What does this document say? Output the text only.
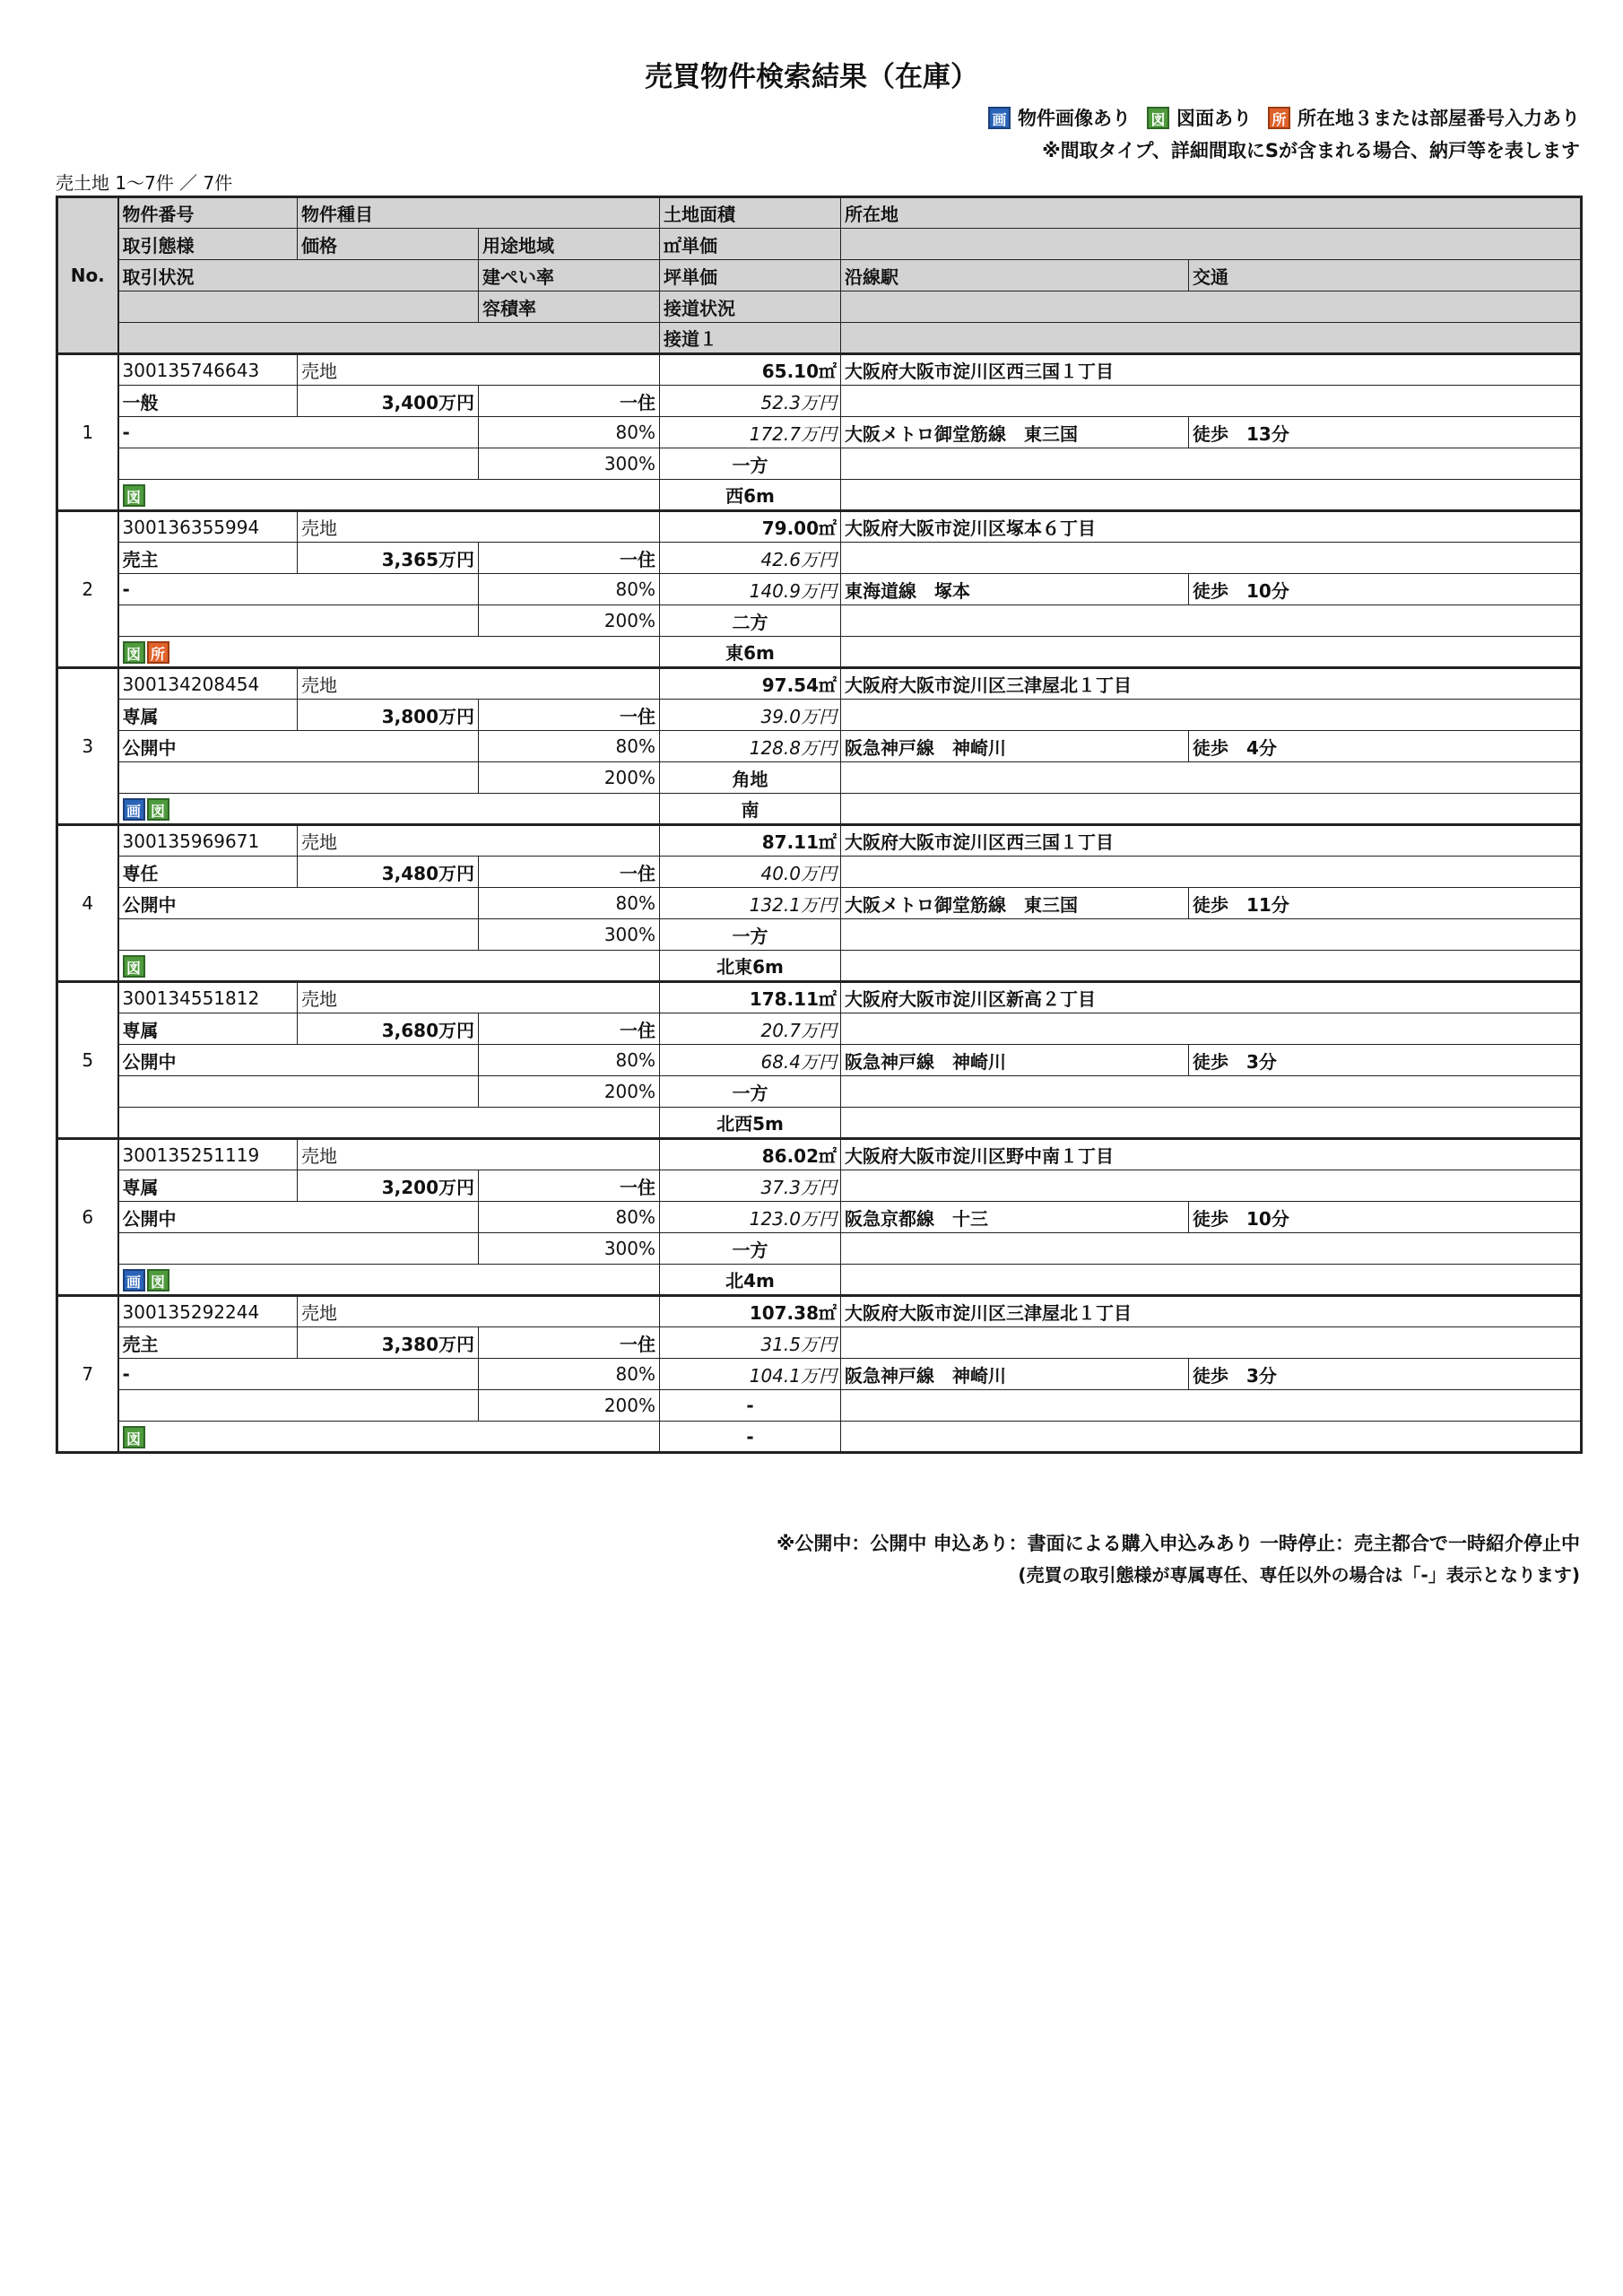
売買物件検索結果（在庫）
画 物件画像あり 図 図面あり 所 所在地３または部屋番号入力あり
※間取タイプ、詳細間取にSが含まれる場合、納戸等を表します
売土地 1〜7件 ／ 7件
No.	物件番号	物件種目		土地面積	所在地	
	取引態様	価格	用途地域	㎡単価		
	取引状況		建ぺい率	坪単価	沿線駅	交通
			容積率	接道状況		
				接道１		
1	300135746643	売地		65.10㎡	大阪府大阪市淀川区西三国１丁目	
	一般	3,400万円	一住	52.3万円		
	-		80%	172.7万円	大阪メトロ御堂筋線　東三国	徒歩　13分
			300%	一方		
	図			西6m		
2	300136355994	売地		79.00㎡	大阪府大阪市淀川区塚本６丁目	
	売主	3,365万円	一住	42.6万円		
	-		80%	140.9万円	東海道線　塚本	徒歩　10分
			200%	二方		
	図 所			東6m		
3	300134208454	売地		97.54㎡	大阪府大阪市淀川区三津屋北１丁目	
	専属	3,800万円	一住	39.0万円		
	公開中		80%	128.8万円	阪急神戸線　神崎川	徒歩　4分
			200%	角地		
	画 図			南		
4	300135969671	売地		87.11㎡	大阪府大阪市淀川区西三国１丁目	
	専任	3,480万円	一住	40.0万円		
	公開中		80%	132.1万円	大阪メトロ御堂筋線　東三国	徒歩　11分
			300%	一方		
	図			北東6m		
5	300134551812	売地		178.11㎡	大阪府大阪市淀川区新高２丁目	
	専属	3,680万円	一住	20.7万円		
	公開中		80%	68.4万円	阪急神戸線　神崎川	徒歩　3分
			200%	一方		
				北西5m		
6	300135251119	売地		86.02㎡	大阪府大阪市淀川区野中南１丁目	
	専属	3,200万円	一住	37.3万円		
	公開中		80%	123.0万円	阪急京都線　十三	徒歩　10分
			300%	一方		
	画 図			北4m		
7	300135292244	売地		107.38㎡	大阪府大阪市淀川区三津屋北１丁目	
	売主	3,380万円	一住	31.5万円		
	-		80%	104.1万円	阪急神戸線　神崎川	徒歩　3分
			200%	-		
	図			-		
※公開中：公開中 申込あり：書面による購入申込みあり 一時停止：売主都合で一時紹介停止中
(売買の取引態様が専属専任、専任以外の場合は「-」表示となります)
